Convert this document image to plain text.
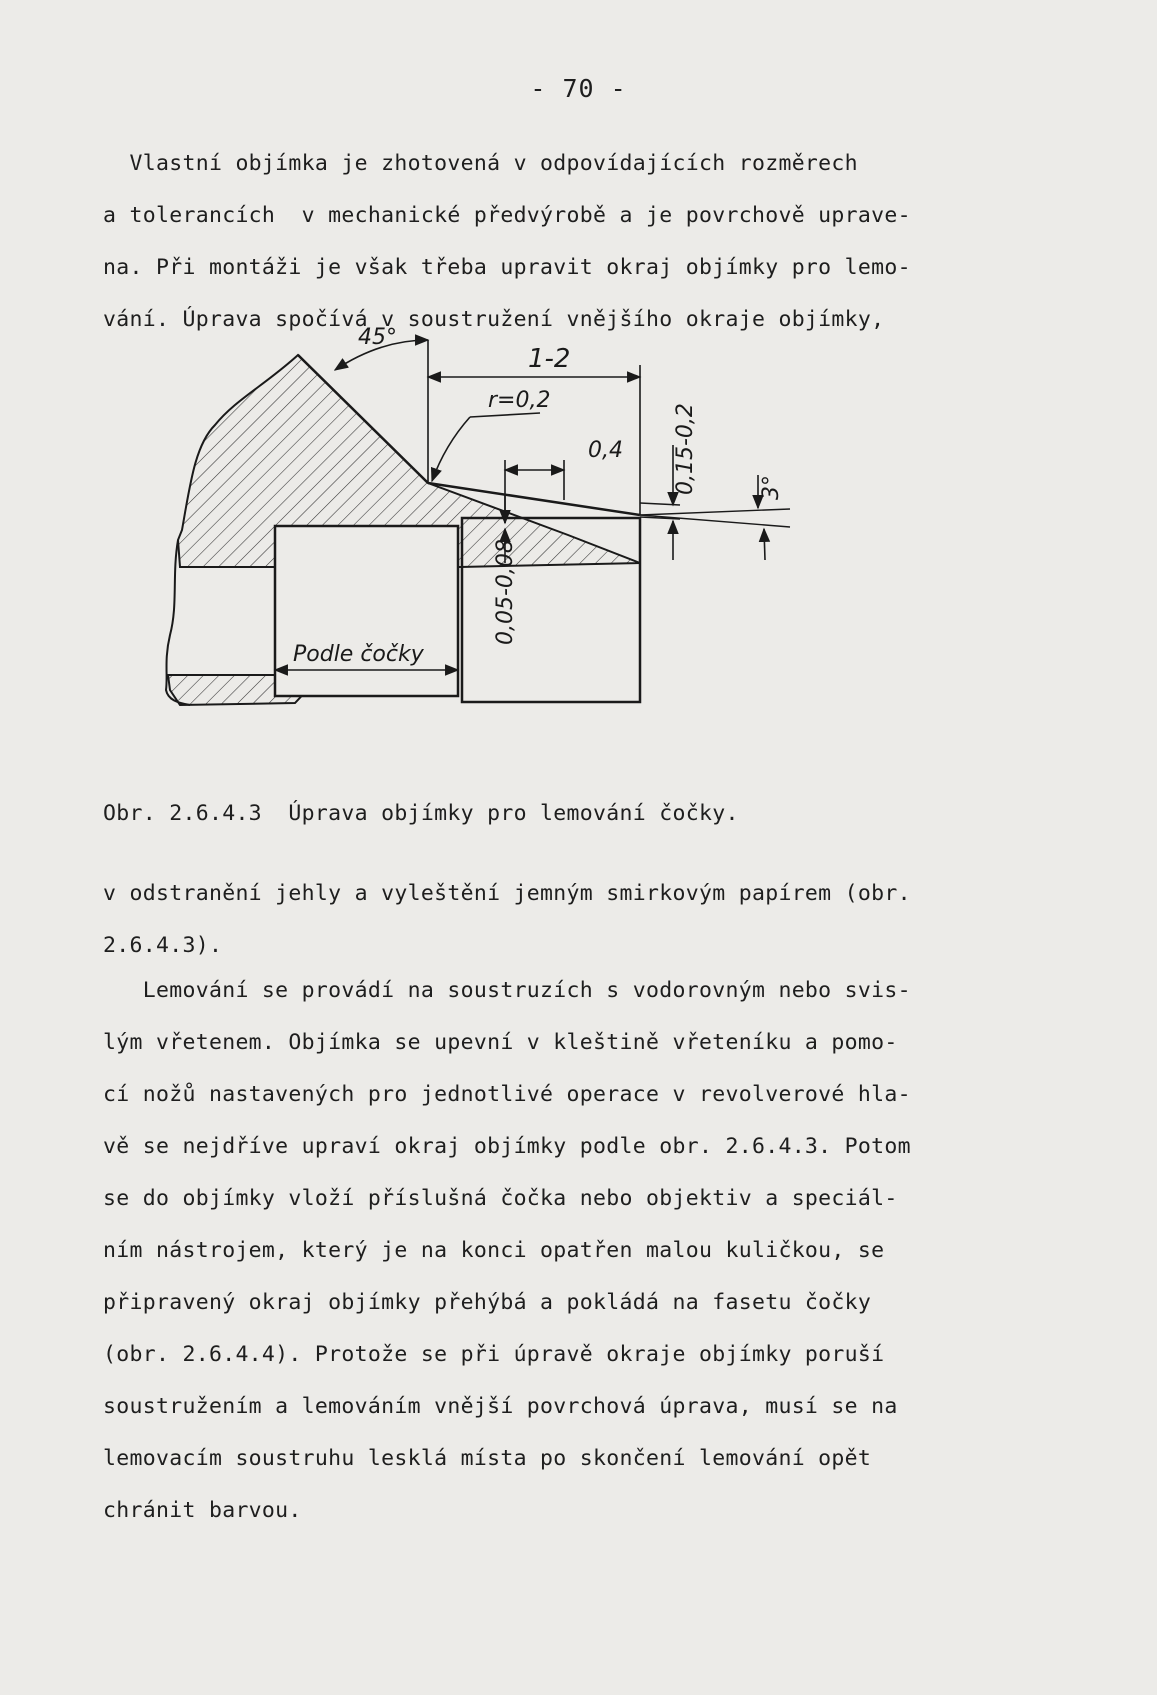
- 70 -
Vlastní objímka je zhotovená v odpovídajících rozměrech
a tolerancích  v mechanické předvýrobě a je povrchově uprave-
na. Při montáži je však třeba upravit okraj objímky pro lemo-
vání. Úprava spočívá v soustružení vnějšího okraje objímky,
45°
1-2
r=0,2
0,4 0,15-0,2	3°
0,05-0,08
Podle čočky
Obr. 2.6.4.3  Úprava objímky pro lemování čočky.
v odstranění jehly a vyleštění jemným smirkovým papírem (obr.
2.6.4.3).
Lemování se provádí na soustruzích s vodorovným nebo svis-
lým vřetenem. Objímka se upevní v kleštině vřeteníku a pomo-
cí nožů nastavených pro jednotlivé operace v revolverové hla-
vě se nejdříve upraví okraj objímky podle obr. 2.6.4.3. Potom
se do objímky vloží příslušná čočka nebo objektiv a speciál-
ním nástrojem, který je na konci opatřen malou kuličkou, se
připravený okraj objímky přehýbá a pokládá na fasetu čočky
(obr. 2.6.4.4). Protože se při úpravě okraje objímky poruší
soustružením a lemováním vnější povrchová úprava, musí se na
lemovacím soustruhu lesklá místa po skončení lemování opět
chránit barvou.
